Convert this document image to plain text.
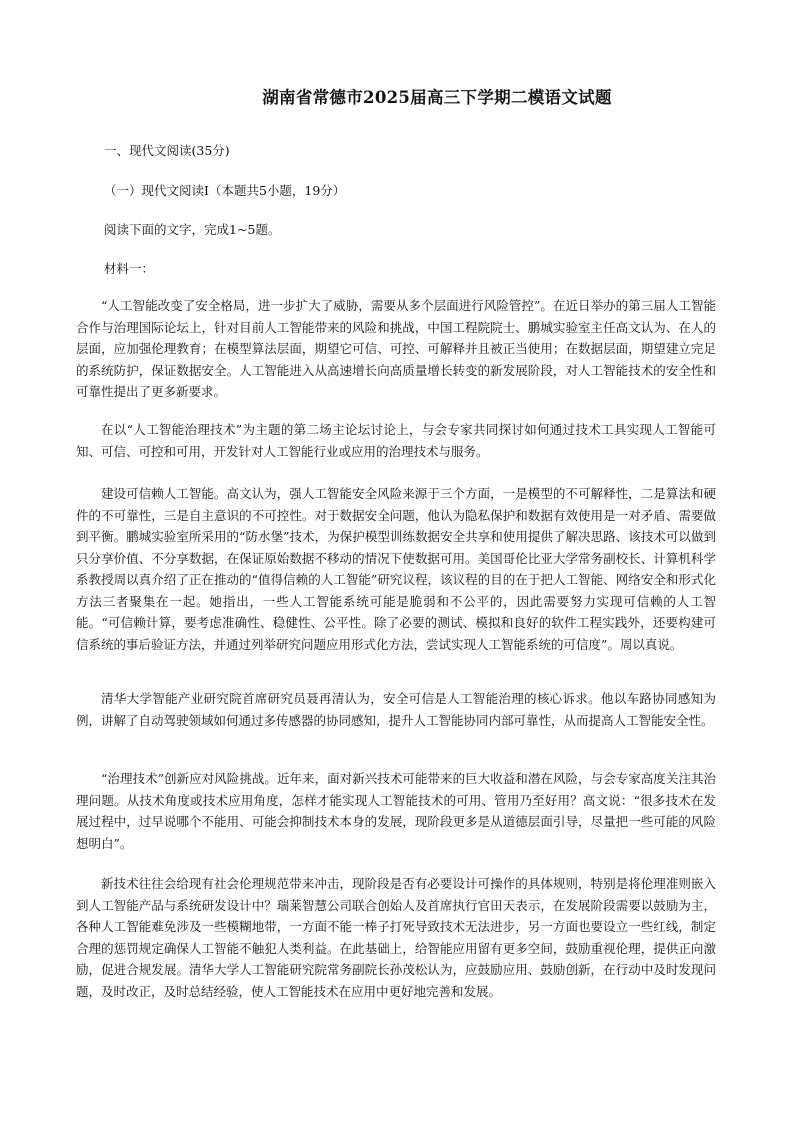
湖南省常德市2025届高三下学期二模语文试题
一、现代文阅读(35分)
（一）现代文阅读I（本题共5小题，19分）
阅读下面的文字，完成1~5题。
材料一：

“人工智能改变了安全格局，进一步扩大了威胁，需要从多个层面进行风险管控”。在近日举办的第三届人工智能合作与治理国际论坛上，针对目前人工智能带来的风险和挑战，中国工程院院士、鹏城实验室主任高文认为、在人的层面，应加强伦理教育；在模型算法层面，期望它可信、可控、可解释并且被正当使用；在数据层面，期望建立完足的系统防护，保证数据安全。人工智能进入从高速增长向高质量增长转变的新发展阶段，对人工智能技术的安全性和可靠性提出了更多新要求。

在以“人工智能治理技术”为主题的第二场主论坛讨论上，与会专家共同探讨如何通过技术工具实现人工智能可知、可信、可控和可用，开发针对人工智能行业或应用的治理技术与服务。

建设可信赖人工智能。高文认为，强人工智能安全风险来源于三个方面，一是模型的不可解释性，二是算法和硬件的不可靠性，三是自主意识的不可控性。对于数据安全问题，他认为隐私保护和数据有效使用是一对矛盾、需要做到平衡。鹏城实验室所采用的“防水堡”技术，为保护模型训练数据安全共享和使用提供了解决思路、该技术可以做到只分享价值、不分享数据，在保证原始数据不移动的情况下使数据可用。美国哥伦比亚大学常务副校长、计算机科学系教授周以真介绍了正在推动的“值得信赖的人工智能”研究议程，该议程的目的在于把人工智能、网络安全和形式化方法三者聚集在一起。她指出，一些人工智能系统可能是脆弱和不公平的，因此需要努力实现可信赖的人工智能。“可信赖计算，要考虑准确性、稳健性、公平性。除了必要的测试、模拟和良好的软件工程实践外，还要构建可信系统的事后验证方法，并通过列举研究问题应用形式化方法，尝试实现人工智能系统的可信度”。周以真说。

清华大学智能产业研究院首席研究员聂再清认为，安全可信是人工智能治理的核心诉求。他以车路协同感知为例，讲解了自动驾驶领域如何通过多传感器的协同感知，提升人工智能协同内部可靠性，从而提高人工智能安全性。

“治理技术”创新应对风险挑战。近年来，面对新兴技术可能带来的巨大收益和潜在风险，与会专家高度关注其治理问题。从技术角度或技术应用角度，怎样才能实现人工智能技术的可用、管用乃至好用？高文说：“很多技术在发展过程中，过早说哪个不能用、可能会抑制技术本身的发展，现阶段更多是从道德层面引导，尽量把一些可能的风险想明白”。

新技术往往会给现有社会伦理规范带来冲击，现阶段是否有必要设计可操作的具体规则，特别是将伦理准则嵌入到人工智能产品与系统研发设计中？瑞莱智慧公司联合创始人及首席执行官田天表示，在发展阶段需要以鼓励为主，各种人工智能难免涉及一些模糊地带，一方面不能一棒子打死导致技术无法进步，另一方面也要设立一些红线，制定合理的惩罚规定确保人工智能不触犯人类利益。在此基础上，给智能应用留有更多空间，鼓励重视伦理，提供正向激励，促进合规发展。清华大学人工智能研究院常务副院长孙茂松认为，应鼓励应用、鼓励创新，在行动中及时发现问题，及时改正，及时总结经验，使人工智能技术在应用中更好地完善和发展。
